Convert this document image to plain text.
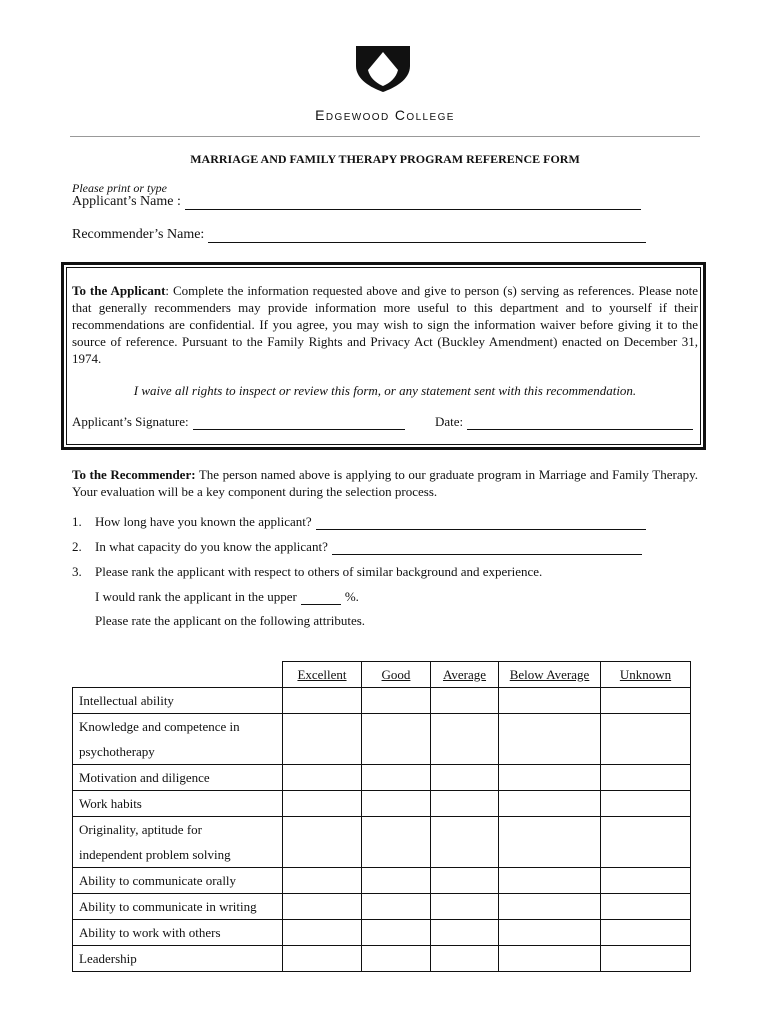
Edgewood College
MARRIAGE AND FAMILY THERAPY PROGRAM REFERENCE FORM
Please print or type
Applicant’s Name :
Recommender’s Name:
To the Applicant: Complete the information requested above and give to person (s) serving as references. Please note that generally recommenders may provide information more useful to this department and to yourself if their recommendations are confidential. If you agree, you may wish to sign the information waiver before giving it to the source of reference. Pursuant to the Family Rights and Privacy Act (Buckley Amendment) enacted on December 31, 1974.
I waive all rights to inspect or review this form, or any statement sent with this recommendation.
Applicant’s Signature:	Date:
To the Recommender: The person named above is applying to our graduate program in Marriage and Family Therapy. Your evaluation will be a key component during the selection process.
1.	How long have you known the applicant?
2.	In what capacity do you know the applicant?
3.	Please rank the applicant with respect to others of similar background and experience.
I would rank the applicant in the upper	%.
Please rate the applicant on the following attributes.
	Excellent	Good	Average	Below Average	Unknown

Intellectual ability					

Knowledge and competence in
psychotherapy					

Motivation and diligence					

Work habits					

Originality, aptitude for
independent problem solving					

Ability to communicate orally					

Ability to communicate in writing					

Ability to work with others					

Leadership					
